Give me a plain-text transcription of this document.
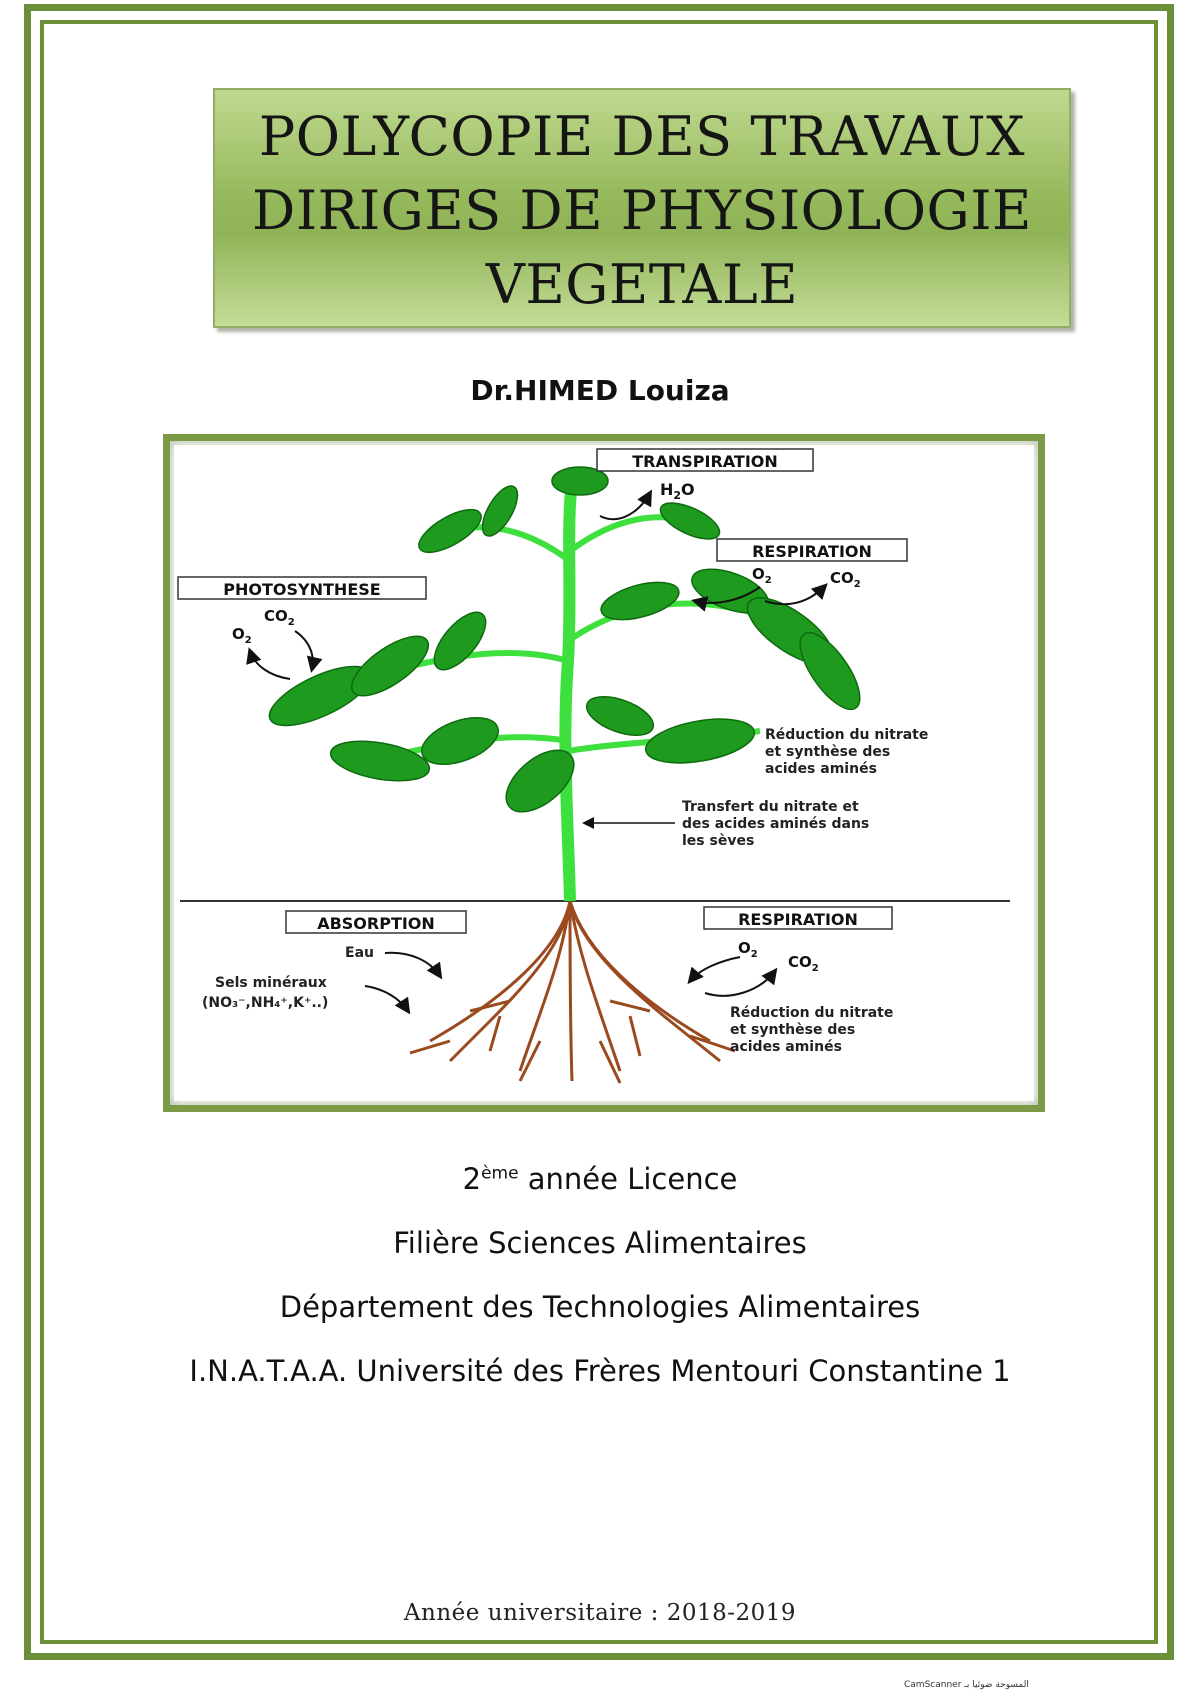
POLYCOPIE DES TRAVAUX
DIRIGES DE PHYSIOLOGIE
VEGETALE
Dr.HIMED Louiza
TRANSPIRATION
$H_2O$
RESPIRATION
$O_2$	$CO_2$
PHOTOSYNTHESE
$CO_2$
$O_2$
Réduction du nitrate
et synthèse des
acides aminés
Transfert du nitrate et
des acides aminés dans
les sèves
ABSORPTION
Eau
Sels minéraux
(NO₃⁻,NH₄⁺,K⁺..)
RESPIRATION
$O_2$ $CO_2$
Réduction du nitrate
et synthèse des
acides aminés
2ème année Licence
Filière Sciences Alimentaires
Département des Technologies Alimentaires
I.N.A.T.A.A. Université des Frères Mentouri Constantine 1
Année universitaire : 2018-2019
CamScanner المسوحة ضوئيا بـ
